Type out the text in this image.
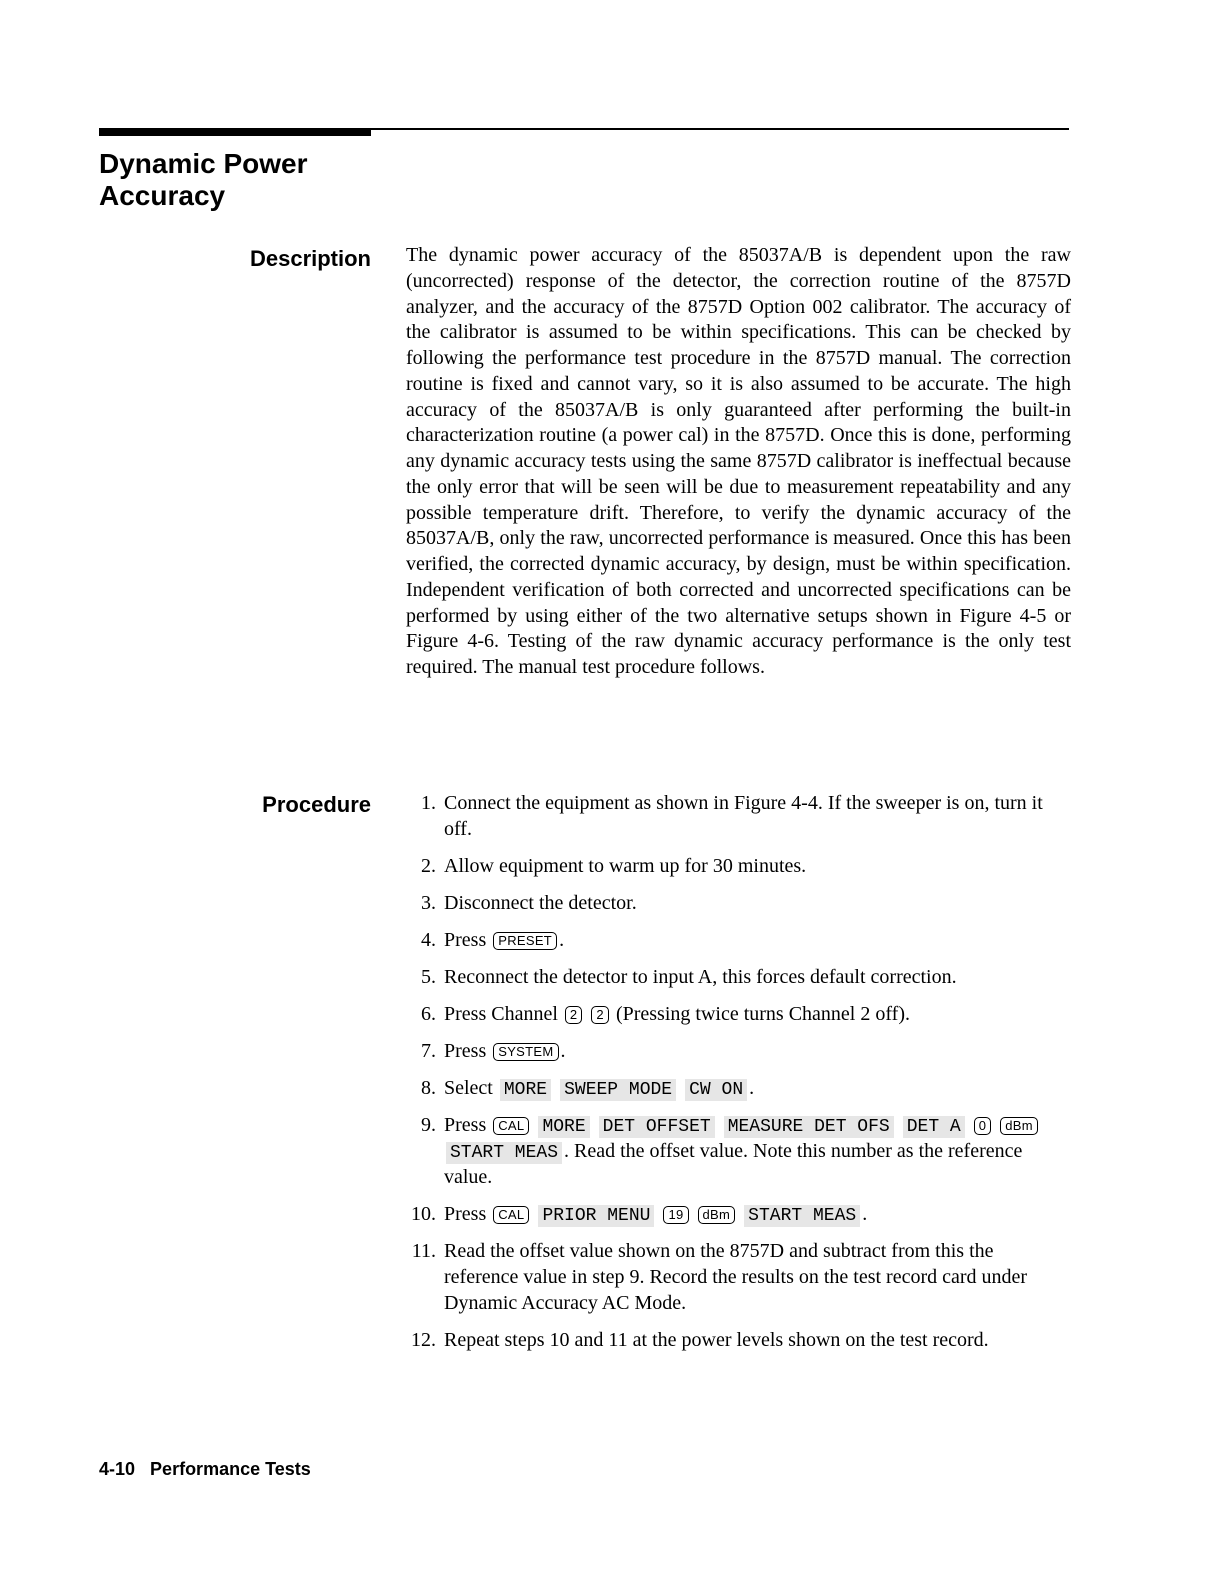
Dynamic Power
Accuracy
Description The dynamic power accuracy of the 85037A/B is dependent upon the raw (uncorrected) response of the detector, the correction routine of the 8757D analyzer, and the accuracy of the 8757D Option 002 calibrator. The accuracy of the calibrator is assumed to be within specifications. This can be checked by following the performance test procedure in the 8757D manual. The correction routine is fixed and cannot vary, so it is also assumed to be accurate. The high accuracy of the 85037A/B is only guaranteed after performing the built-in characterization routine (a power cal) in the 8757D. Once this is done, performing any dynamic accuracy tests using the same 8757D calibrator is ineffectual because the only error that will be seen will be due to measurement repeatability and any possible temperature drift. Therefore, to verify the dynamic accuracy of the 85037A/B, only the raw, uncorrected performance is measured. Once this has been verified, the corrected dynamic accuracy, by design, must be within specification. Independent verification of both corrected and uncorrected specifications can be performed by using either of the two alternative setups shown in Figure 4-5 or Figure 4-6. Testing of the raw dynamic accuracy performance is the only test required. The manual test procedure follows.

Procedure	1. Connect the equipment as shown in Figure 4-4. If the sweeper is on, turn it off.
2. Allow equipment to warm up for 30 minutes.
3. Disconnect the detector.
4. Press PRESET .
5. Reconnect the detector to input A, this forces default correction.
6. Press Channel 2 2 (Pressing twice turns Channel 2 off).
7. Press SYSTEM .
8. Select MORE SWEEP MODE CW ON .
9. Press CAL MORE DET OFFSET MEASURE DET OFS DET A 0 dBm START MEAS . Read the offset value. Note this number as the reference value.
10. Press CAL PRIOR MENU 19 dBm START MEAS .
11. Read the offset value shown on the 8757D and subtract from this the reference value in step 9. Record the results on the test record card under Dynamic Accuracy AC Mode.
12. Repeat steps 10 and 11 at the power levels shown on the test record.

4-10 Performance Tests
